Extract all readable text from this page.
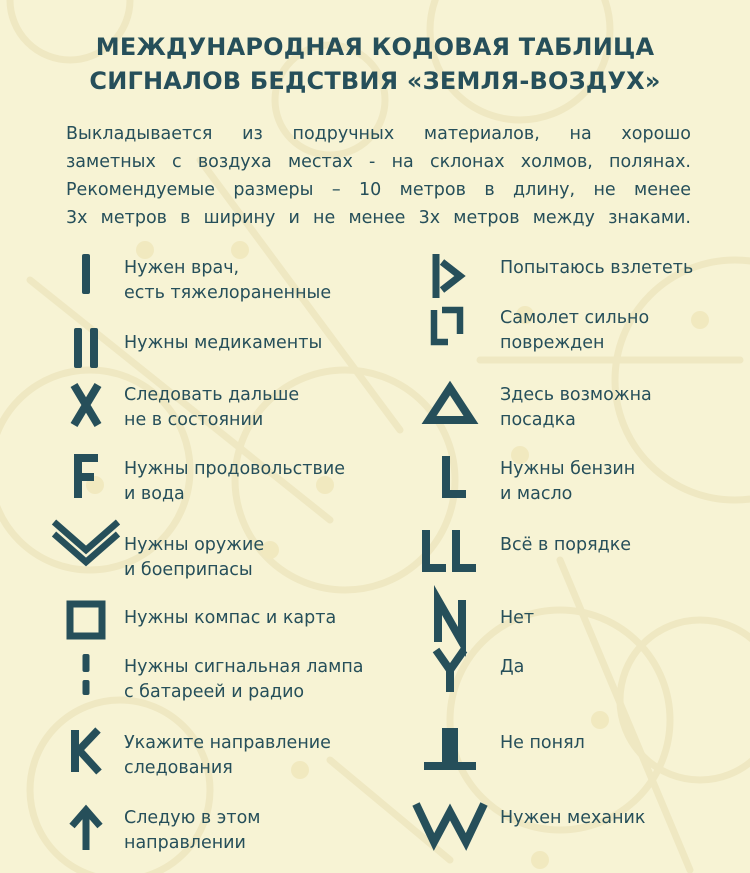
МЕЖДУНАРОДНАЯ КОДОВАЯ ТАБЛИЦА
СИГНАЛОВ БЕДСТВИЯ «ЗЕМЛЯ-ВОЗДУХ»
Выкладывается из подручных материалов, на хорошо
заметных с воздуха местах - на склонах холмов, полянах.
Рекомендуемые размеры – 10 метров в длину, не менее
3х метров в ширину и не менее 3х метров между знаками.
Нужен врач,
есть тяжелораненные
Нужны медикаменты
Следовать дальше
не в состоянии
Нужны продовольствие
и вода
Нужны оружие
и боеприпасы
Нужны компас и карта
Нужны сигнальная лампа
с батареей и радио
Укажите направление
следования
Следую в этом
направлении
Попытаюсь взлететь
Самолет сильно
поврежден
Здесь возможна
посадка
Нужны бензин
и масло
Всё в порядке
Нет
Да
Не понял
Нужен механик
